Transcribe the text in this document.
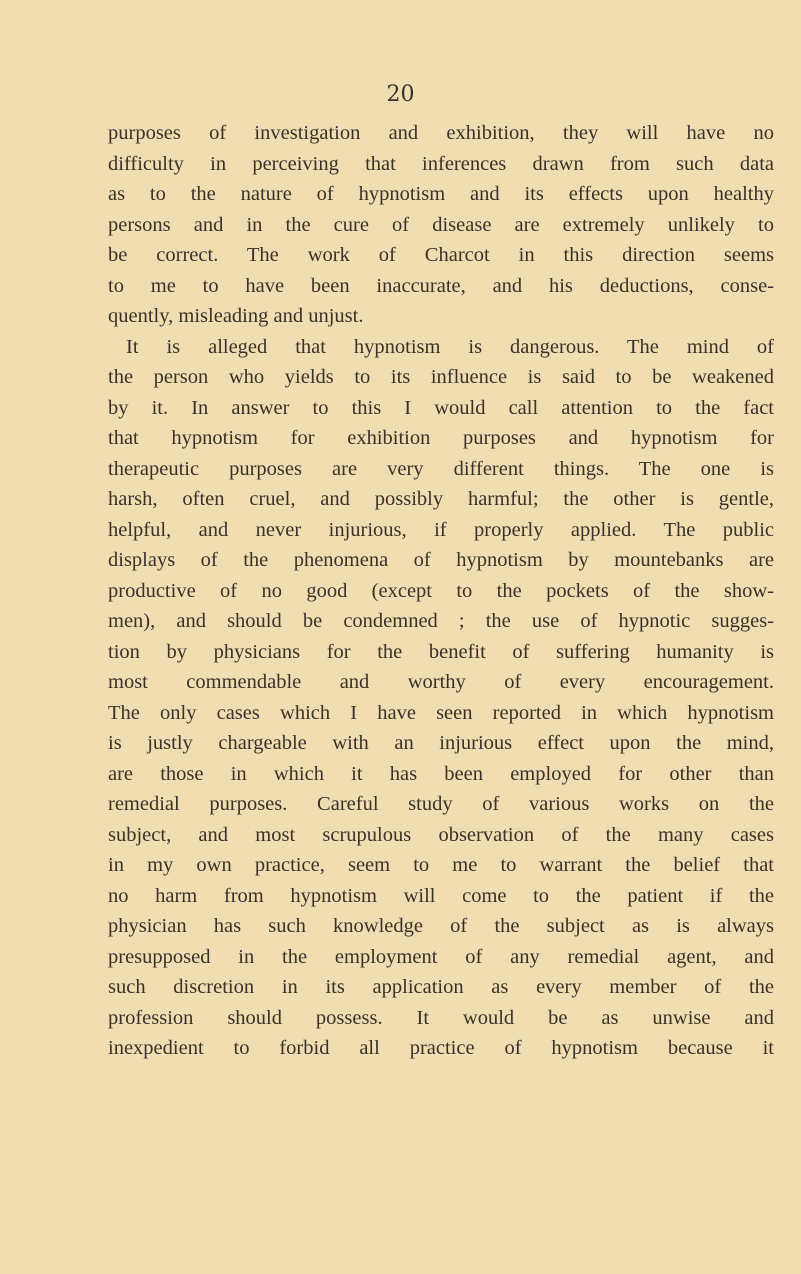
20
purposes of investigation and exhibition, they will have no
difficulty in perceiving that inferences drawn from such data
as to the nature of hypnotism and its effects upon healthy
persons and in the cure of disease are extremely unlikely to
be correct. The work of Charcot in this direction seems
to me to have been inaccurate, and his deductions, conse-
quently, misleading and unjust.
It is alleged that hypnotism is dangerous. The mind of
the person who yields to its influence is said to be weakened
by it. In answer to this I would call attention to the fact
that hypnotism for exhibition purposes and hypnotism for
therapeutic purposes are very different things. The one is
harsh, often cruel, and possibly harmful; the other is gentle,
helpful, and never injurious, if properly applied. The public
displays of the phenomena of hypnotism by mountebanks are
productive of no good (except to the pockets of the show-
men), and should be condemned ; the use of hypnotic sugges-
tion by physicians for the benefit of suffering humanity is
most commendable and worthy of every encouragement.
The only cases which I have seen reported in which hypnotism
is justly chargeable with an injurious effect upon the mind,
are those in which it has been employed for other than
remedial purposes. Careful study of various works on the
subject, and most scrupulous observation of the many cases
in my own practice, seem to me to warrant the belief that
no harm from hypnotism will come to the patient if the
physician has such knowledge of the subject as is always
presupposed in the employment of any remedial agent, and
such discretion in its application as every member of the
profession should possess. It would be as unwise and
inexpedient to forbid all practice of hypnotism because it
